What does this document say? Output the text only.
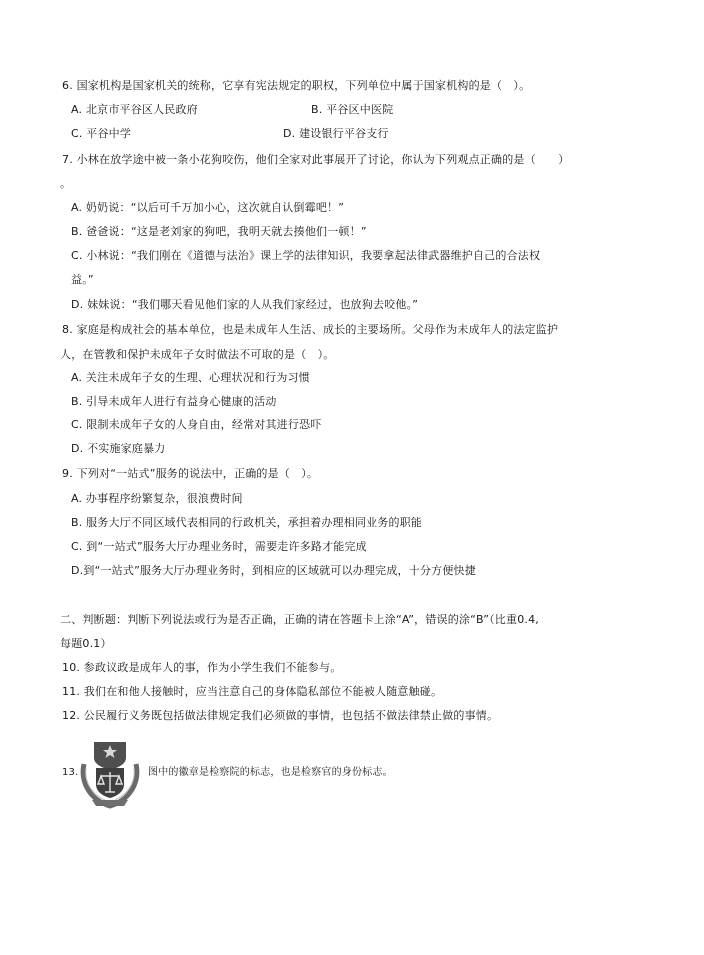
6. 国家机构是国家机关的统称，它享有宪法规定的职权，下列单位中属于国家机构的是（　）。
A. 北京市平谷区人民政府	B. 平谷区中医院
C. 平谷中学	D. 建设银行平谷支行
7. 小林在放学途中被一条小花狗咬伤，他们全家对此事展开了讨论，你认为下列观点正确的是（　　）
。
A. 奶奶说：“以后可千万加小心，这次就自认倒霉吧！”
B. 爸爸说：“这是老刘家的狗吧，我明天就去揍他们一顿！”
C. 小林说：“我们刚在《道德与法治》课上学的法律知识，我要拿起法律武器维护自己的合法权
益。”
D. 妹妹说：“我们哪天看见他们家的人从我们家经过，也放狗去咬他。”
8. 家庭是构成社会的基本单位，也是未成年人生活、成长的主要场所。父母作为未成年人的法定监护
人，在管教和保护未成年子女时做法不可取的是（　）。
A. 关注未成年子女的生理、心理状况和行为习惯
B. 引导未成年人进行有益身心健康的活动
C. 限制未成年子女的人身自由，经常对其进行恐吓
D. 不实施家庭暴力
9. 下列对“一站式”服务的说法中，正确的是（　）。
A. 办事程序纷繁复杂，很浪费时间
B. 服务大厅不同区域代表相同的行政机关，承担着办理相同业务的职能
C. 到“一站式”服务大厅办理业务时，需要走许多路才能完成
D.到“一站式”服务大厅办理业务时，到相应的区域就可以办理完成，十分方便快捷
二、判断题：判断下列说法或行为是否正确，正确的请在答题卡上涂“A”，错误的涂“B”（比重0.4,
每题0.1）
10. 参政议政是成年人的事，作为小学生我们不能参与。
11. 我们在和他人接触时，应当注意自己的身体隐私部位不能被人随意触碰。
12. 公民履行义务既包括做法律规定我们必须做的事情，也包括不做法律禁止做的事情。
13.	图中的徽章是检察院的标志，也是检察官的身份标志。
